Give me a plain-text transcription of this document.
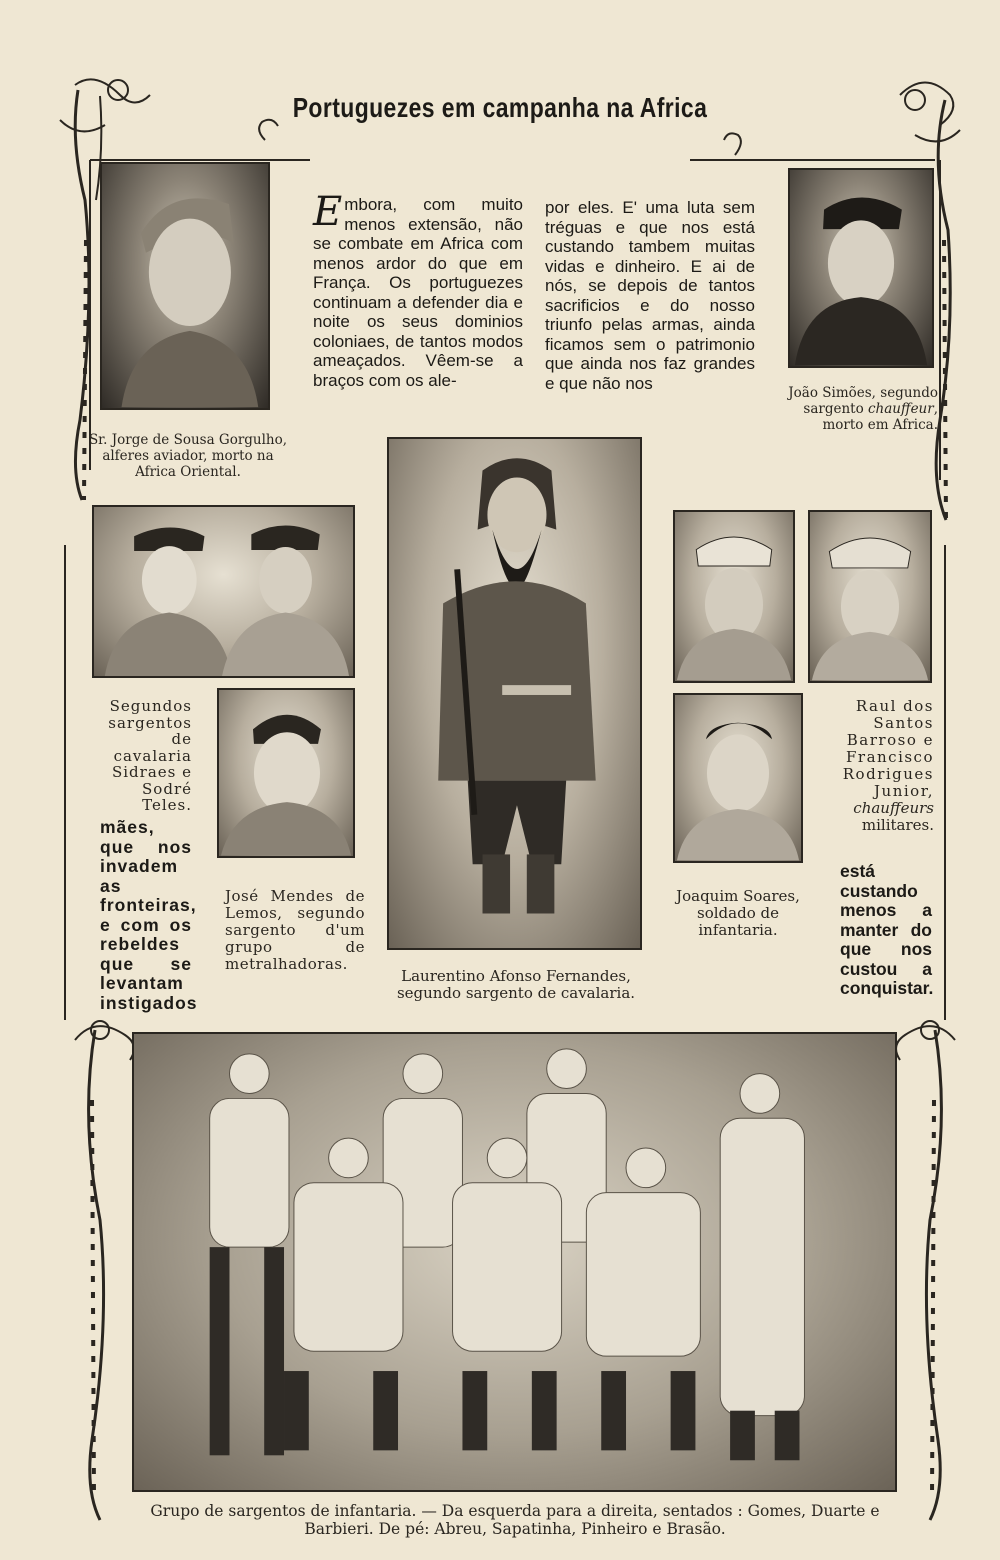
Portuguezes em campanha na Africa
Sr. Jorge de Sousa Gorgulho, alferes aviador, morto na Africa Oriental.
João Simões, segundo sargento chauffeur, morto em Africa.
Embora, com muito menos extensão, não se combate em Africa com menos ardor do que em França. Os portuguezes continuam a defender dia e noite os seus dominios coloniaes, de tantos modos ameaçados. Vêem-se a braços com os ale-
por eles. E' uma luta sem tréguas e que nos está custando tambem muitas vidas e dinheiro. E ai de nós, se depois de tantos sacrificios e do nosso triunfo pelas armas, ainda ficamos sem o patrimonio que ainda nos faz grandes e que não nos
Segundos sargentos de cavalaria Sidraes e Sodré Teles.
José Mendes de Lemos, segundo sargento d'um grupo de metralhadoras.
mães, que nos invadem as fronteiras, e com os rebeldes que se levantam instigados
Laurentino Afonso Fernandes, segundo sargento de cavalaria.
Joaquim Soares, soldado de infantaria.
Raul dos Santos Barroso e Francisco Rodrigues Junior, chauffeurs militares.
está custando menos a manter do que nos custou a conquistar.
Grupo de sargentos de infantaria. — Da esquerda para a direita, sentados : Gomes, Duarte e Barbieri. De pé: Abreu, Sapatinha, Pinheiro e Brasão.
